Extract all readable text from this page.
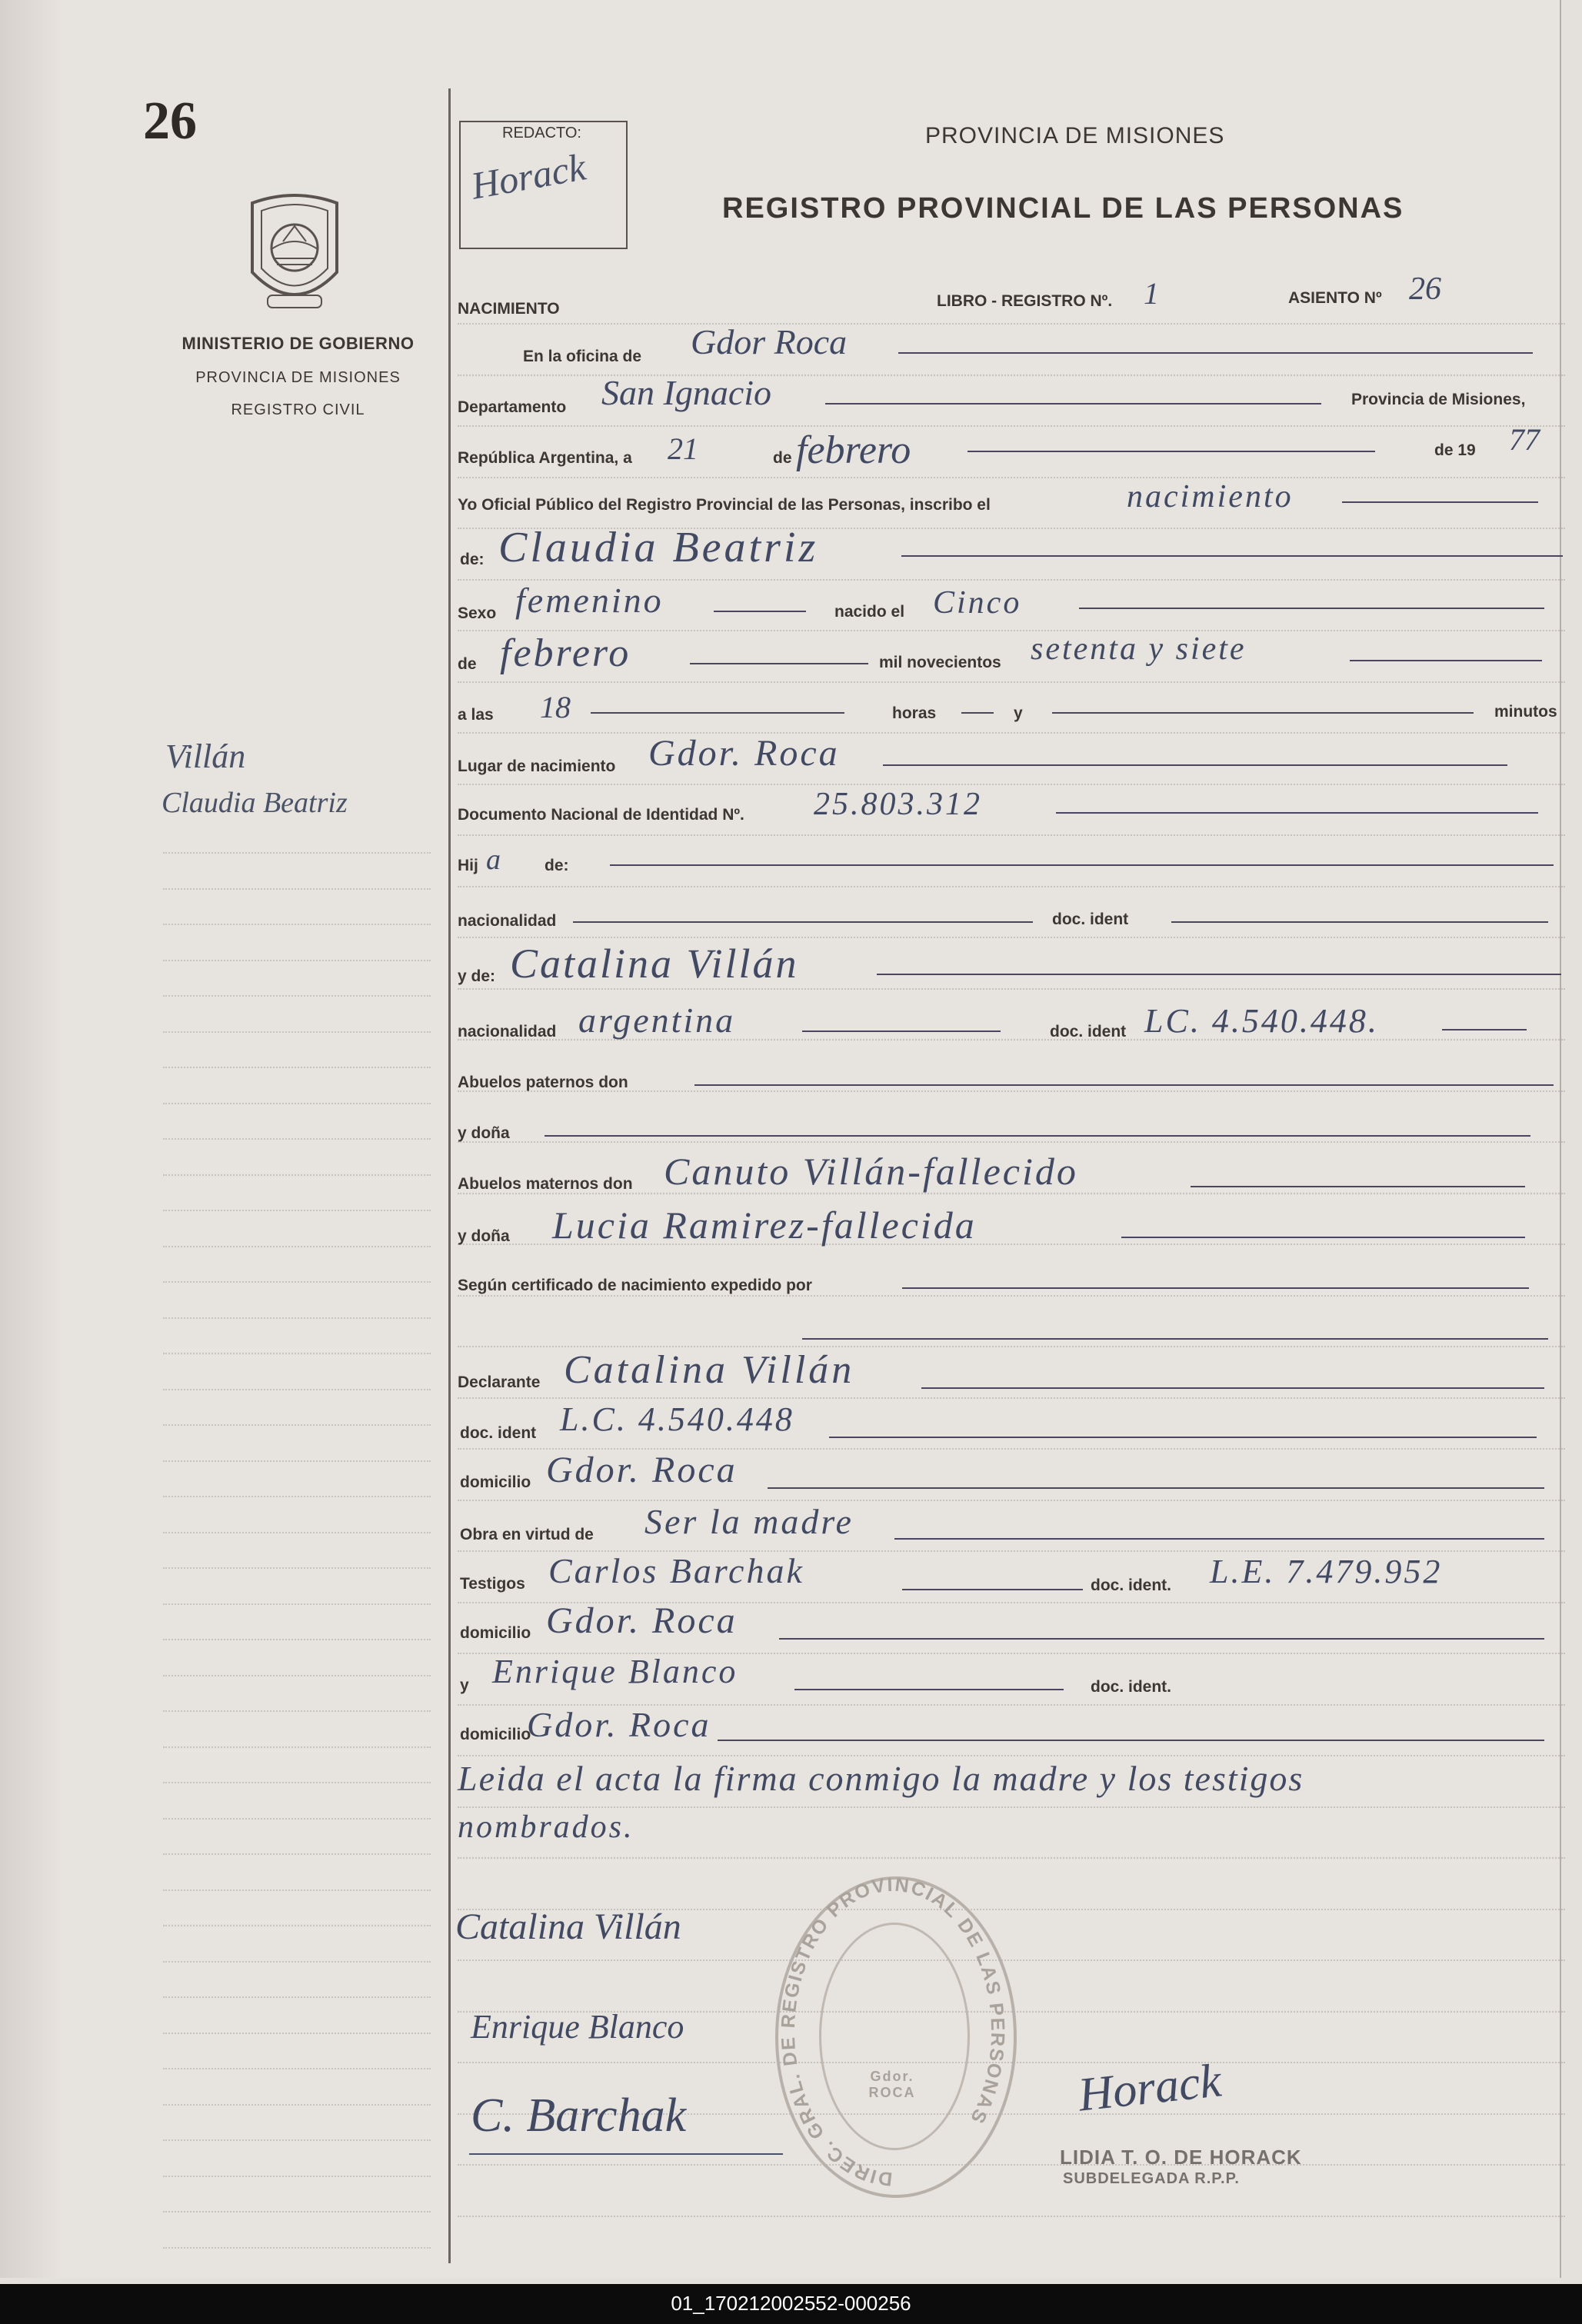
26
MINISTERIO DE GOBIERNO
PROVINCIA DE MISIONES
REGISTRO CIVIL
Villán
Claudia Beatriz
REDACTO:
Horack
PROVINCIA DE MISIONES
REGISTRO PROVINCIAL DE LAS PERSONAS
NACIMIENTO	LIBRO - REGISTRO Nº. 1	ASIENTO Nº 26
En la oficina de Gdor Roca
Departamento San Ignacio	Provincia de Misiones,
República Argentina, a 21	de febrero	de 19 77
Yo Oficial Público del Registro Provincial de las Personas, inscribo el	nacimiento
de: Claudia Beatriz
Sexo femenino	nacido el Cinco
de febrero	mil novecientos setenta y siete
a las 18	horas	y	minutos
Lugar de nacimiento Gdor. Roca
Documento Nacional de Identidad Nº. 25.803.312
Hij a	de:
nacionalidad	doc. ident
y de: Catalina Villán
nacionalidad argentina	doc. ident LC. 4.540.448.
Abuelos paternos don
y doña
Abuelos maternos don Canuto Villán-fallecido
y doña Lucia Ramirez-fallecida
Según certificado de nacimiento expedido por
Declarante Catalina Villán
doc. ident L.C. 4.540.448
domicilio Gdor. Roca
Obra en virtud de Ser la madre
Testigos Carlos Barchak	doc. ident. L.E. 7.479.952
domicilio Gdor. Roca
y Enrique Blanco	doc. ident.
domicilio
Gdor. Roca
Leida el acta la firma conmigo la madre y los testigos
nombrados.
Catalina Villán
Enrique Blanco
C. Barchak	Horack
DIREC. GRAL. DE REGISTRO PROVINCIAL DE LAS PERSONAS
Gdor. ROCA
LIDIA T. O. DE HORACK
SUBDELEGADA R.P.P.
01_170212002552-000256
